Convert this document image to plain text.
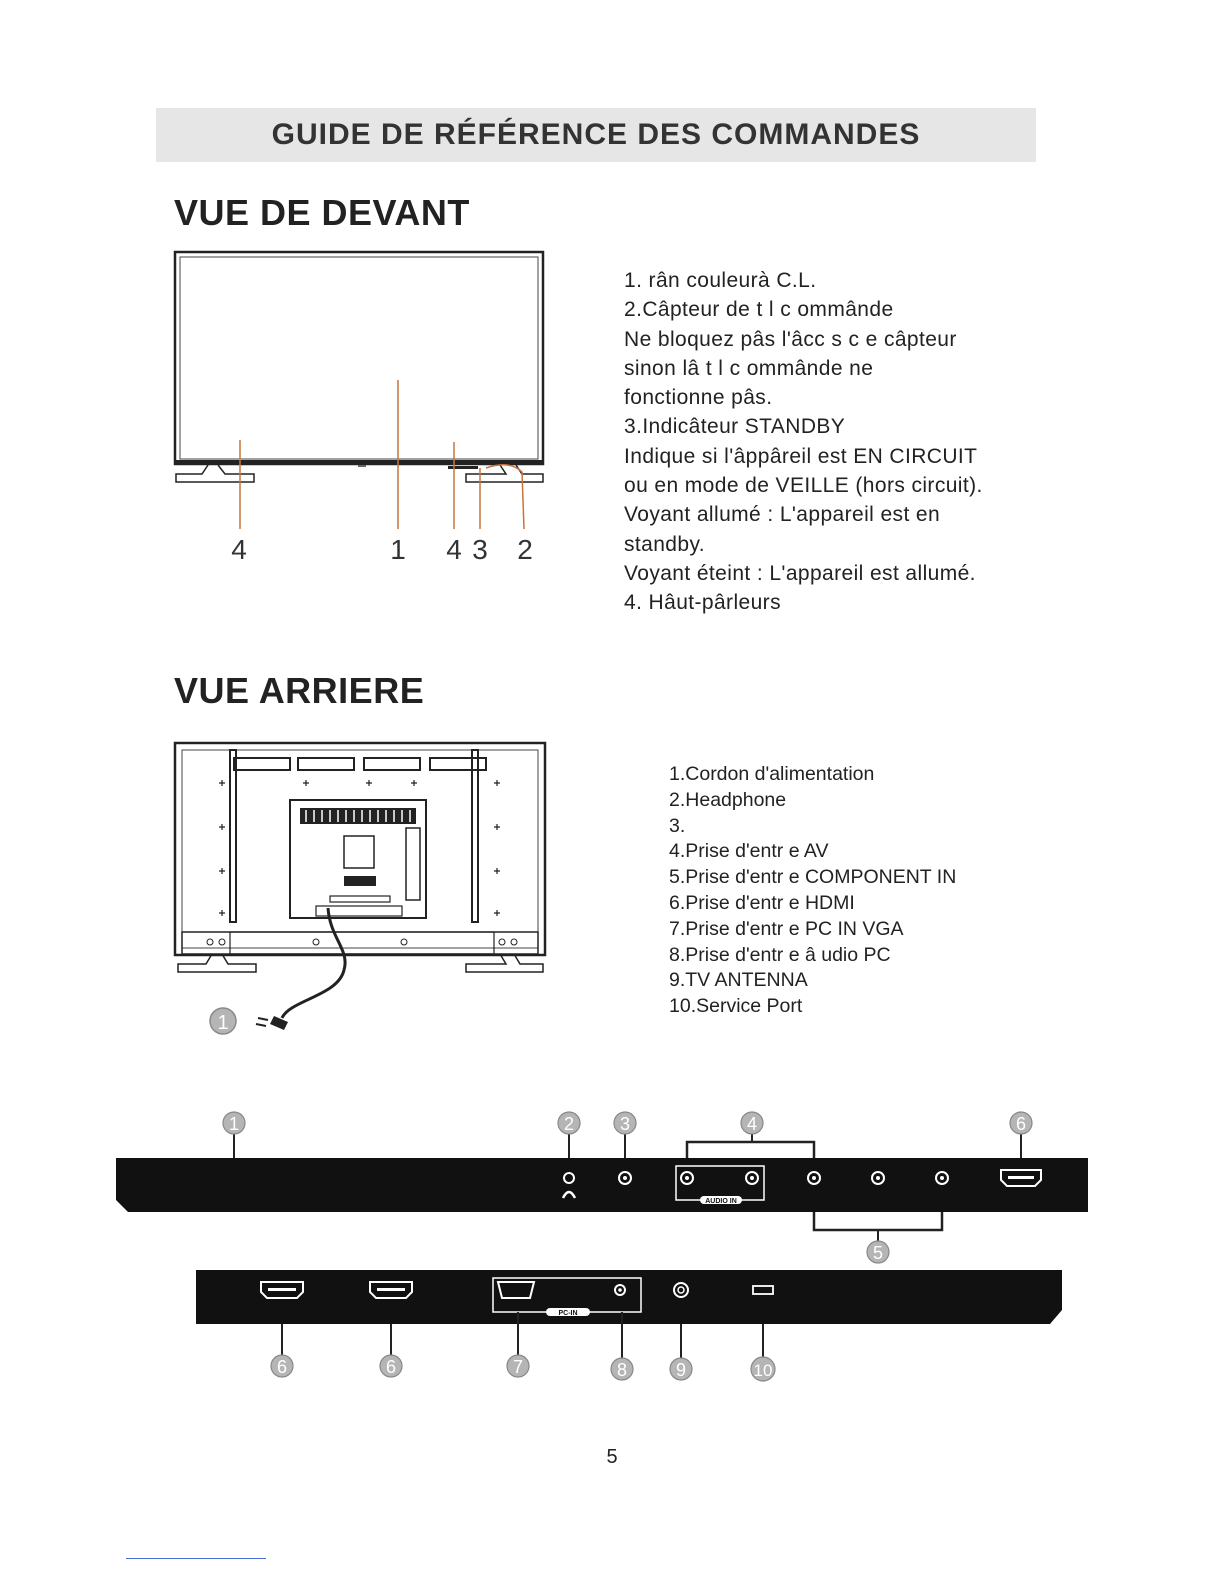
GUIDE DE RÉFÉRENCE DES COMMANDES
VUE DE DEVANT
4	1 4 3 2
1. rân couleurà C.L.
2.Câpteur de t l c ommânde
Ne bloquez pâs l'âcc s c e câpteur
sinon lâ t l c ommânde ne
fonctionne pâs.
3.Indicâteur STANDBY
Indique si l'âppâreil est EN CIRCUIT
ou en mode de VEILLE (hors circuit).
Voyant allumé : L'appareil est en
standby.
Voyant éteint : L'appareil est allumé.
4. Hâut-pârleurs
VUE ARRIERE
1
1.Cordon d'alimentation
2.Headphone
3.
4.Prise d'entr e AV
5.Prise d'entr e COMPONENT IN
6.Prise d'entr e HDMI
7.Prise d'entr e PC IN VGA
8.Prise d'entr e â udio PC
9.TV ANTENNA
10.Service Port
AUDIO IN
1	2	3	4	6
5
PC-IN
6	6	7	8	9	10
5
